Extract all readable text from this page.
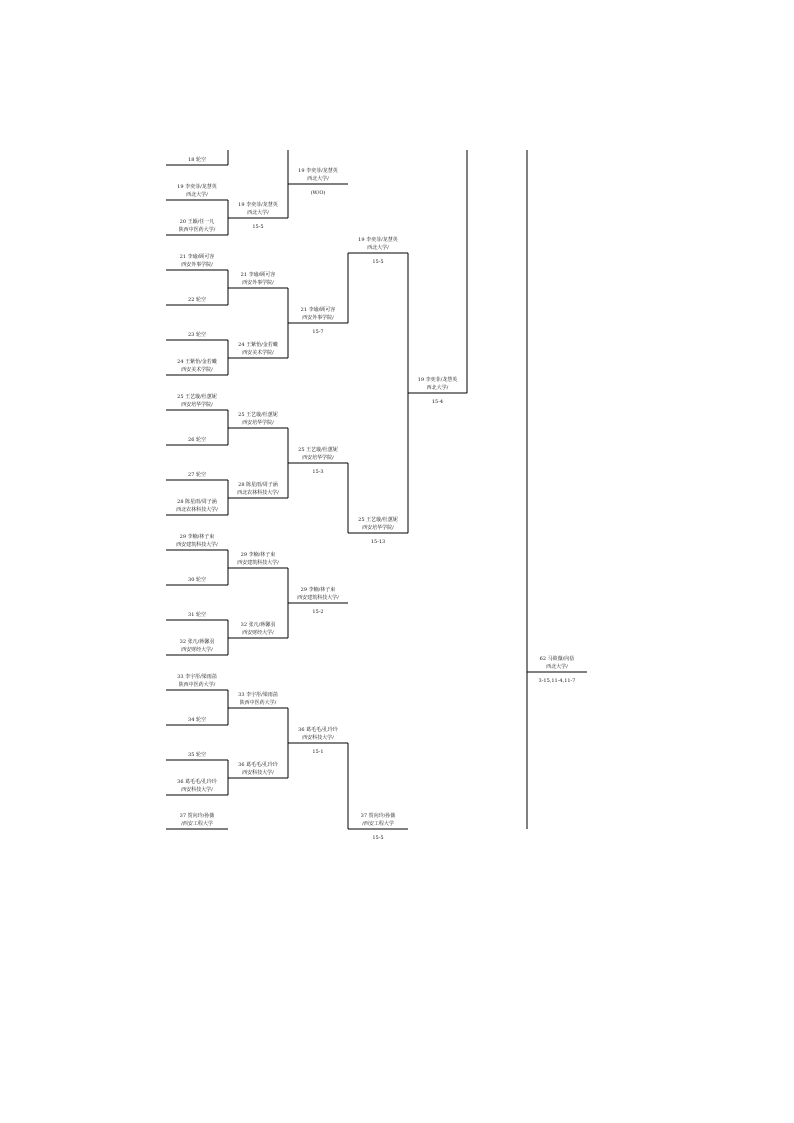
18 轮空
19 李奕菲/龙慧英
西北大学/
20 王颖/任一凡
陕西中医药大学/
21 李瑜/顾可容
西安外事学院/
22 轮空
23 轮空
24 王紫怡/金若曦
西安美术学院/
25 王艺璇/杜蕙妮
西安培华学院/
26 轮空
27 轮空
28 陈星雨/周子涵
西北农林科技大学/
29 李楠/林子束
西安建筑科技大学/
30 轮空
31 轮空
32 张凡/蒋馨羽
西安财经大学/
33 李宇彤/梁雨菡
陕西中医药大学/
34 轮空
35 轮空
36 葛毛毛/孔玲玲
西安科技大学/
37 贺向玲/孙薇
/西安工程大学
19 李奕菲/龙慧英
西北大学/
15-5
21 李瑜/顾可容
西安外事学院/
24 王紫怡/金若曦
西安美术学院/
25 王艺璇/杜蕙妮
西安培华学院/
28 陈星雨/周子涵
西北农林科技大学/
29 李楠/林子束
西安建筑科技大学/
32 张凡/蒋馨羽
西安财经大学/
33 李宇彤/梁雨菡
陕西中医药大学/
36 葛毛毛/孔玲玲
西安科技大学/
19 李奕菲/龙慧英
西北大学/
(W/O)
21 李瑜/顾可容
西安外事学院/
15-7
25 王艺璇/杜蕙妮
西安培华学院/
15-3
29 李楠/林子束
西安建筑科技大学/
15-2
36 葛毛毛/孔玲玲
西安科技大学/
15-1
19 李奕菲/龙慧英
西北大学/
15-5
25 王艺璇/杜蕙妮
西安培华学院/
15-13
37 贺向玲/孙薇
/西安工程大学
15-5
19 李奕菲/龙慧英
西北大学/
15-4
62 马筱薇/向蓓
西北大学/
3-15,11-4,11-7
